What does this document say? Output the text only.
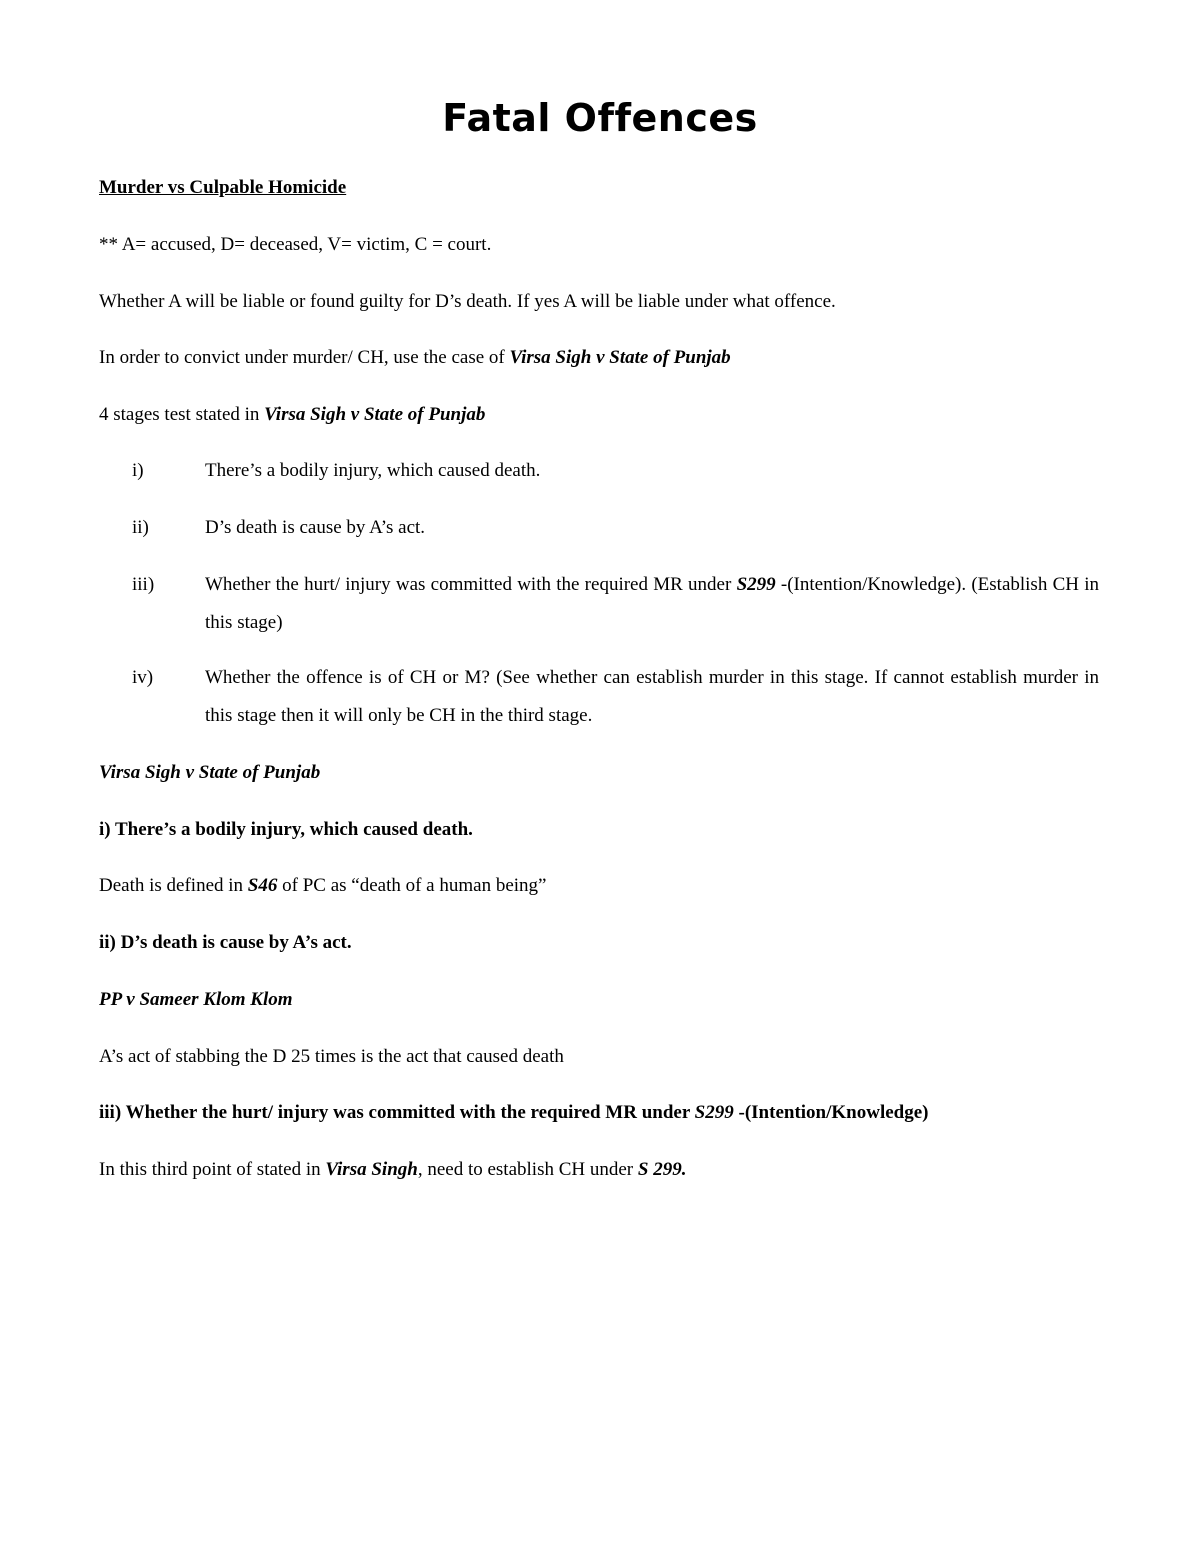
Fatal Offences

Murder vs Culpable Homicide

** A= accused, D= deceased, V= victim, C = court.

Whether A will be liable or found guilty for D’s death. If yes A will be liable under what offence.

In order to convict under murder/ CH, use the case of Virsa Sigh v State of Punjab

4 stages test stated in Virsa Sigh v State of Punjab

i)	There’s a bodily injury, which caused death.
ii)	D’s death is cause by A’s act.
iii)	Whether the hurt/ injury was committed with the required MR under S299 -(Intention/Knowledge). (Establish CH in this stage)
iv)	Whether the offence is of CH or M? (See whether can establish murder in this stage. If cannot establish murder in this stage then it will only be CH in the third stage.

Virsa Sigh v State of Punjab

i) There’s a bodily injury, which caused death.

Death is defined in S46 of PC as “death of a human being”

ii) D’s death is cause by A’s act.

PP v Sameer Klom Klom

A’s act of stabbing the D 25 times is the act that caused death

iii) Whether the hurt/ injury was committed with the required MR under S299 -(Intention/Knowledge)

In this third point of stated in Virsa Singh, need to establish CH under S 299.
